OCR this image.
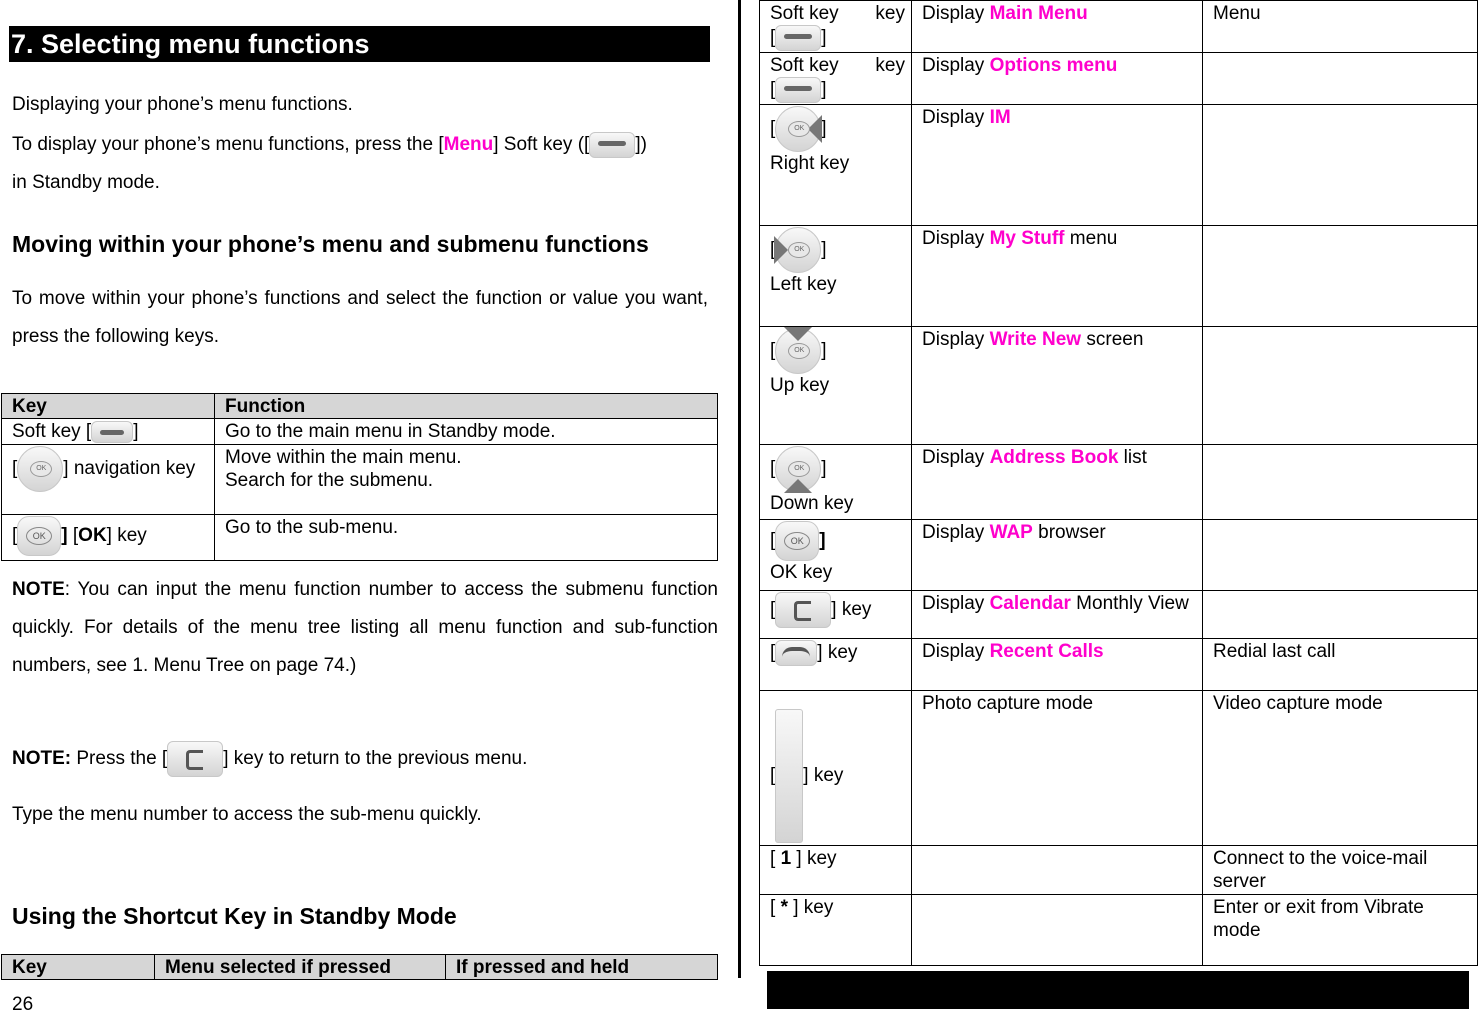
7. Selecting menu functions

Displaying your phone’s menu functions.

To display your phone’s menu functions, press the [Menu] Soft key ([ ])

in Standby mode.

Moving within your phone’s menu and submenu functions

To move within your phone’s functions and select the function or value you want, press the following keys.

Key	Function
Soft key [ ]	Go to the main menu in Standby mode.
[ OK ] navigation key	Move within the main menu.
Search for the submenu.

[ OK ] [OK] key	Go to the sub-menu.

NOTE: You can input the menu function number to access the submenu function quickly. For details of the menu tree listing all menu function and sub-function numbers, see 1. Menu Tree on page 74.)

NOTE: Press the [	] key to return to the previous menu.

Type the menu number to access the sub-menu quickly.

Using the Shortcut Key in Standby Mode
Key	Menu selected if pressed	If pressed and held
26
Soft key key
[ ]	Display Main Menu	Menu

Soft key key
[ ]	Display Options menu	
[ OK ]
Right key	Display IM	
[ OK ]
Left key	Display My Stuff menu	
[ OK ]
Up key	Display Write New screen	
[ OK ]
Down key	Display Address Book list	
[ OK ]
OK key	Display WAP browser	
[ ] key	Display Calendar Monthly View	
[ ] key	Display Recent Calls	Redial last call
[ ] key	Photo capture mode	Video capture mode
[ 1 ] key		Connect to the voice-mail server
[ * ] key		Enter or exit from Vibrate mode
